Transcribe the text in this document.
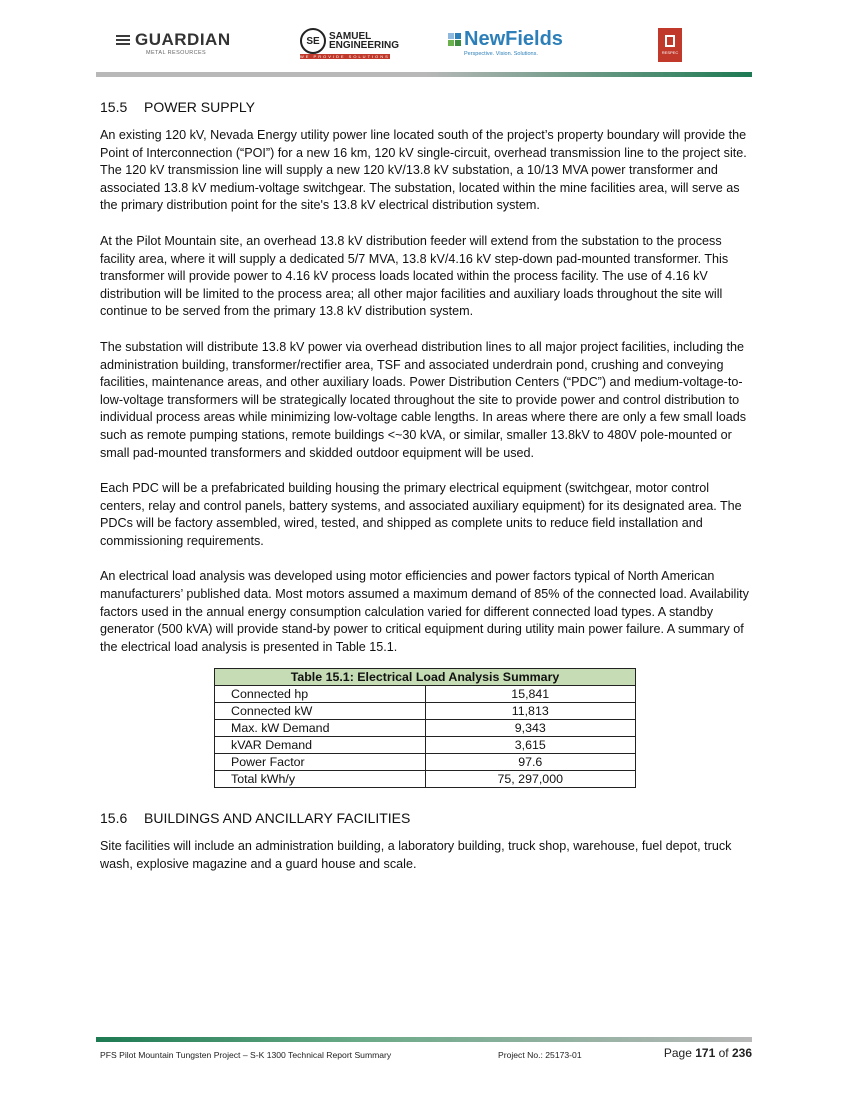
GUARDIAN
METAL RESOURCES
SE SAMUEL
ENGINEERING
WE PROVIDE SOLUTIONS
NewFields
Perspective. Vision. Solutions.	RESPEC
15.5 POWER SUPPLY

An existing 120 kV, Nevada Energy utility power line located south of the project’s property boundary will provide the Point of Interconnection (“POI”) for a new 16 km, 120 kV single-circuit, overhead transmission line to the project site. The 120 kV transmission line will supply a new 120 kV/13.8 kV substation, a 10/13 MVA power transformer and associated 13.8 kV medium-voltage switchgear. The substation, located within the mine facilities area, will serve as the primary distribution point for the site's 13.8 kV electrical distribution system.

At the Pilot Mountain site, an overhead 13.8 kV distribution feeder will extend from the substation to the process facility area, where it will supply a dedicated 5/7 MVA, 13.8 kV/4.16 kV step-down pad-mounted transformer. This transformer will provide power to 4.16 kV process loads located within the process facility. The use of 4.16 kV distribution will be limited to the process area; all other major facilities and auxiliary loads throughout the site will continue to be served from the primary 13.8 kV distribution system.

The substation will distribute 13.8 kV power via overhead distribution lines to all major project facilities, including the administration building, transformer/rectifier area, TSF and associated underdrain pond, crushing and conveying facilities, maintenance areas, and other auxiliary loads. Power Distribution Centers (“PDC”) and medium-voltage-to-low-voltage transformers will be strategically located throughout the site to provide power and control distribution to individual process areas while minimizing low-voltage cable lengths. In areas where there are only a few small loads such as remote pumping stations, remote buildings <~30 kVA, or similar, smaller 13.8kV to 480V pole-mounted or small pad-mounted transformers and skidded outdoor equipment will be used.

Each PDC will be a prefabricated building housing the primary electrical equipment (switchgear, motor control centers, relay and control panels, battery systems, and associated auxiliary equipment) for its designated area. The PDCs will be factory assembled, wired, tested, and shipped as complete units to reduce field installation and commissioning requirements.

An electrical load analysis was developed using motor efficiencies and power factors typical of North American manufacturers’ published data. Most motors assumed a maximum demand of 85% of the connected load. Availability factors used in the annual energy consumption calculation varied for different connected load types. A standby generator (500 kVA) will provide stand-by power to critical equipment during utility main power failure. A summary of the electrical load analysis is presented in Table 15.1.

Table 15.1: Electrical Load Analysis Summary	
Connected hp	15,841
Connected kW	11,813
Max. kW Demand	9,343
kVAR Demand	3,615
Power Factor	97.6
Total kWh/y	75, 297,000
15.6 BUILDINGS AND ANCILLARY FACILITIES

Site facilities will include an administration building, a laboratory building, truck shop, warehouse, fuel depot, truck wash, explosive magazine and a guard house and scale.

PFS Pilot Mountain Tungsten Project – S-K 1300 Technical Report Summary	Project No.: 25173-01	Page 171 of 236
